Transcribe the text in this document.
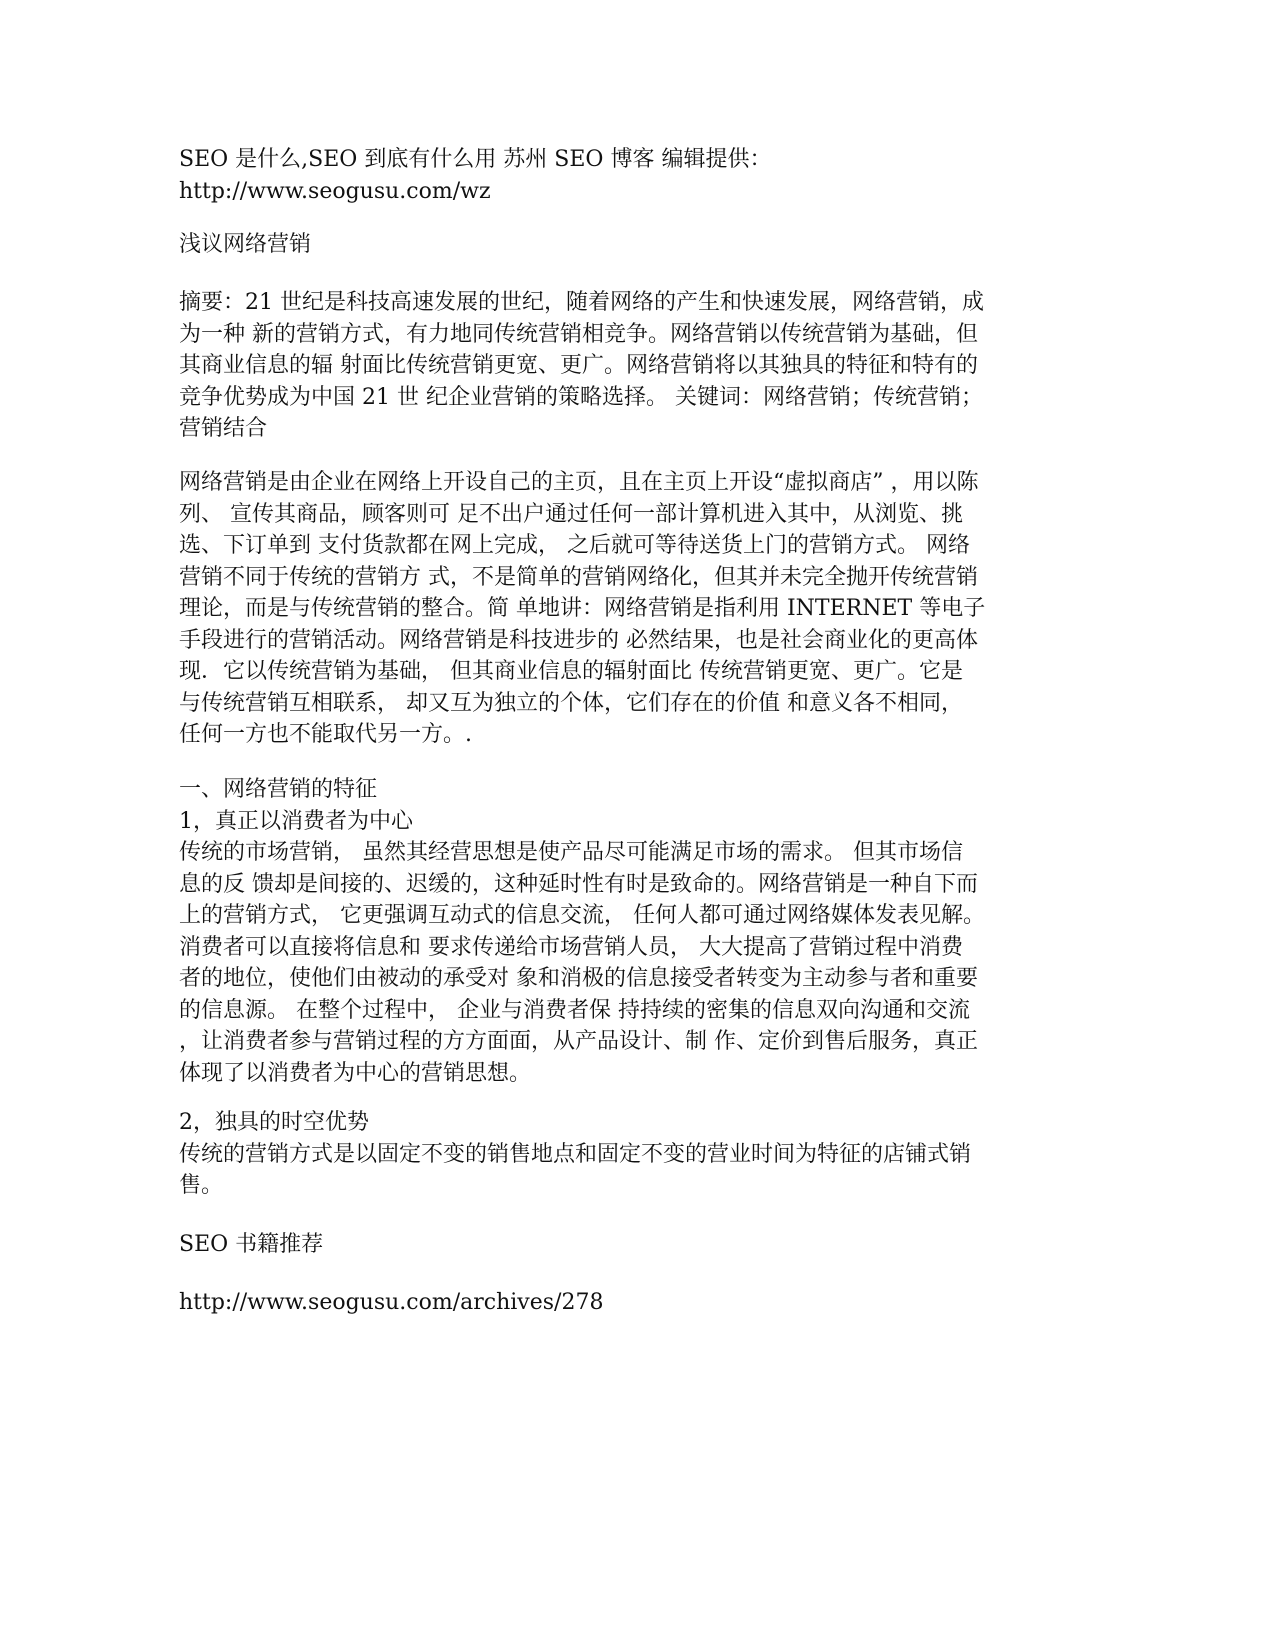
SEO 是什么,SEO 到底有什么用 苏州 SEO 博客 编辑提供：
http://www.seogusu.com/wz
浅议网络营销
摘要：21 世纪是科技高速发展的世纪，随着网络的产生和快速发展，网络营销，成
为一种 新的营销方式，有力地同传统营销相竞争。网络营销以传统营销为基础，但
其商业信息的辐 射面比传统营销更宽、更广。网络营销将以其独具的特征和特有的
竞争优势成为中国 21 世 纪企业营销的策略选择。 关键词：网络营销；传统营销；
营销结合
网络营销是由企业在网络上开设自己的主页，且在主页上开设“虚拟商店” ，用以陈
列、 宣传其商品，顾客则可 足不出户通过任何一部计算机进入其中，从浏览、挑
选、下订单到 支付货款都在网上完成， 之后就可等待送货上门的营销方式。 网络
营销不同于传统的营销方 式，不是简单的营销网络化，但其并未完全抛开传统营销
理论，而是与传统营销的整合。简 单地讲：网络营销是指利用 INTERNET 等电子
手段进行的营销活动。网络营销是科技进步的 必然结果，也是社会商业化的更高体
现．它以传统营销为基础， 但其商业信息的辐射面比 传统营销更宽、更广。它是
与传统营销互相联系， 却又互为独立的个体，它们存在的价值 和意义各不相同，
任何一方也不能取代另一方。.
一、网络营销的特征
1，真正以消费者为中心
传统的市场营销， 虽然其经营思想是使产品尽可能满足市场的需求。 但其市场信
息的反 馈却是间接的、迟缓的，这种延时性有时是致命的。网络营销是一种自下而
上的营销方式， 它更强调互动式的信息交流， 任何人都可通过网络媒体发表见解。
消费者可以直接将信息和 要求传递给市场营销人员， 大大提高了营销过程中消费
者的地位，使他们由被动的承受对 象和消极的信息接受者转变为主动参与者和重要
的信息源。 在整个过程中， 企业与消费者保 持持续的密集的信息双向沟通和交流
，让消费者参与营销过程的方方面面，从产品设计、制 作、定价到售后服务，真正
体现了以消费者为中心的营销思想。
2，独具的时空优势
传统的营销方式是以固定不变的销售地点和固定不变的营业时间为特征的店铺式销
售。
SEO 书籍推荐
http://www.seogusu.com/archives/278
